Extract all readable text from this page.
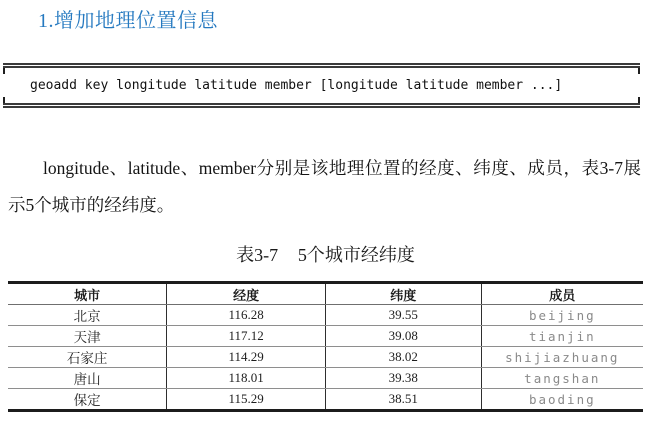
1.增加地理位置信息
geoadd key longitude latitude member [longitude latitude member ...]

longitude、latitude、member分别是该地理位置的经度、纬度、成员，表3-7展示5个城市的经纬度。

表3-7 5个城市经纬度
城市	经度	纬度	成员
北京	116.28	39.55	beijing
天津	117.12	39.08	tianjin
石家庄	114.29	38.02	shijiazhuang
唐山	118.01	39.38	tangshan
保定	115.29	38.51	baoding
